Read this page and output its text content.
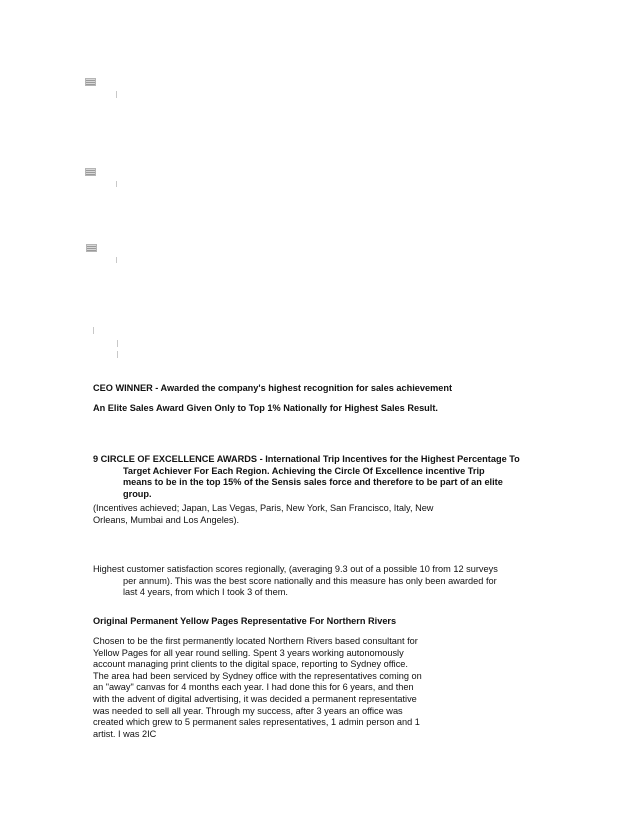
CEO WINNER - Awarded the company's highest recognition for sales achievement
An Elite Sales Award Given Only to Top 1% Nationally for Highest Sales Result.
9 CIRCLE OF EXCELLENCE AWARDS - International Trip Incentives for the Highest Percentage To
Target Achiever For Each Region. Achieving the Circle Of Excellence incentive Trip
means to be in the top 15% of the Sensis sales force and therefore to be part of an elite
group.
(Incentives achieved; Japan, Las Vegas, Paris, New York, San Francisco, Italy, New
Orleans, Mumbai and Los Angeles).
Highest customer satisfaction scores regionally, (averaging 9.3 out of a possible 10 from 12 surveys
per annum). This was the best score nationally and this measure has only been awarded for
last 4 years, from which I took 3 of them.
Original Permanent Yellow Pages Representative For Northern Rivers
Chosen to be the first permanently located Northern Rivers based consultant for
Yellow Pages for all year round selling. Spent 3 years working autonomously
account managing print clients to the digital space, reporting to Sydney office.
The area had been serviced by Sydney office with the representatives coming on
an "away" canvas for 4 months each year. I had done this for 6 years, and then
with the advent of digital advertising, it was decided a permanent representative
was needed to sell all year. Through my success, after 3 years an office was
created which grew to 5 permanent sales representatives, 1 admin person and 1
artist. I was 2IC
